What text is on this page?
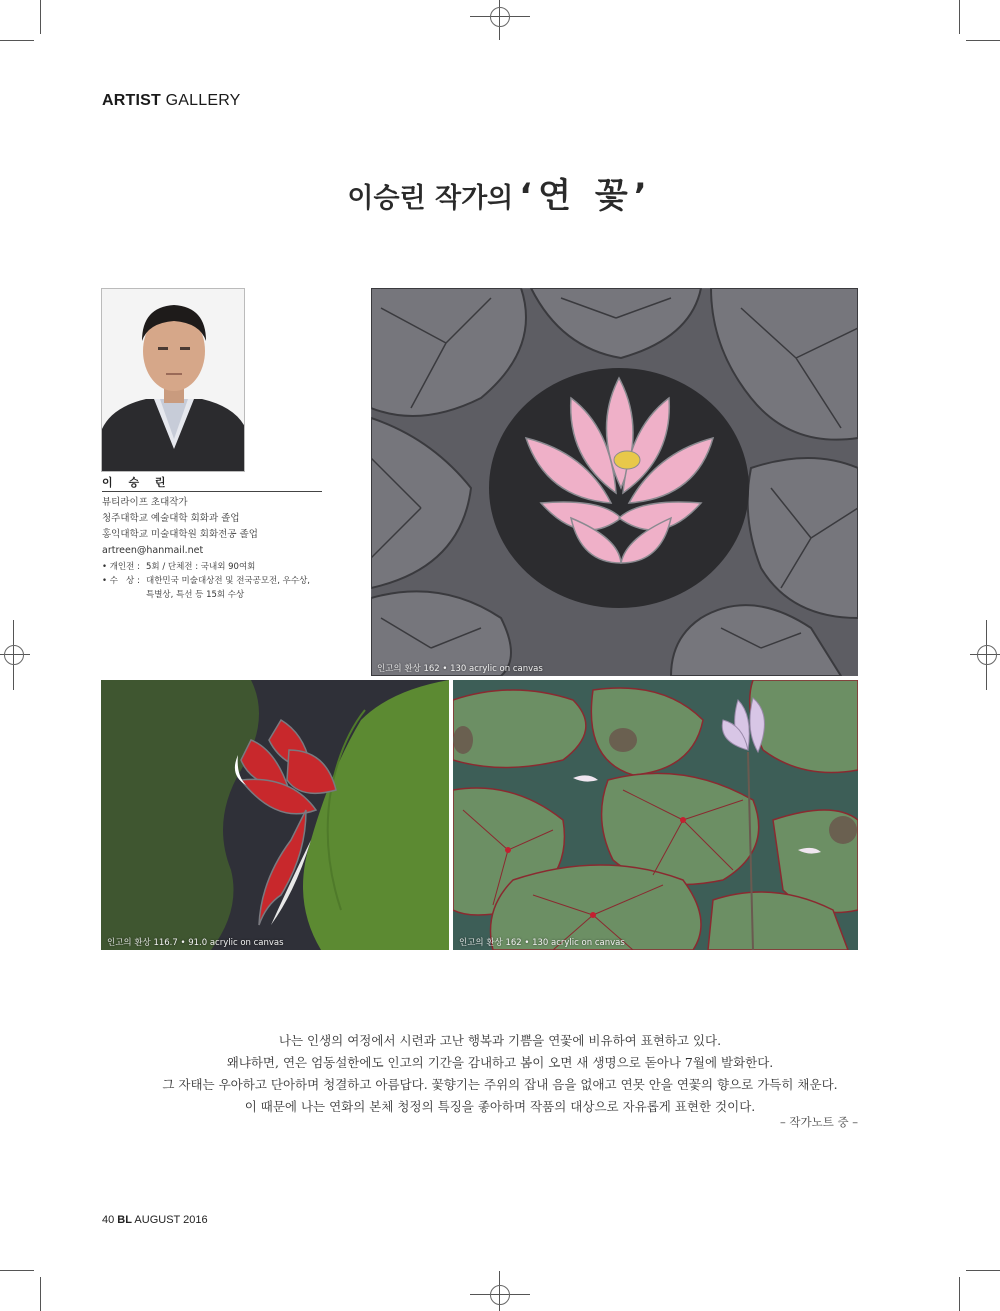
ARTIST GALLERY
이승린 작가의 ‘연 꽃’
이 승 린
뷰티라이프 초대작가
청주대학교 예술대학 회화과 졸업
홍익대학교 미술대학원 회화전공 졸업
artreen@hanmail.net
• 개인전 : 5회 / 단체전 : 국내외 90여회
• 수   상 : 대한민국 미술대상전 및 전국공모전, 우수상,
특별상, 특선 등 15회 수상
인고의 환상 162 • 130 acrylic on canvas
인고의 환상 116.7 • 91.0 acrylic on canvas	인고의 환상 162 • 130 acrylic on canvas
나는 인생의 여정에서 시련과 고난 행복과 기쁨을 연꽃에 비유하여 표현하고 있다.
왜냐하면, 연은 엄동설한에도 인고의 기간을 감내하고 봄이 오면 새 생명으로 돋아나 7월에 발화한다.
그 자태는 우아하고 단아하며 청결하고 아름답다. 꽃향기는 주위의 잡내 음을 없애고 연못 안을 연꽃의 향으로 가득히 채운다.
이 때문에 나는 연화의 본체 청정의 특징을 좋아하며 작품의 대상으로 자유롭게 표현한 것이다.
– 작가노트 중 –
40 BL AUGUST 2016
